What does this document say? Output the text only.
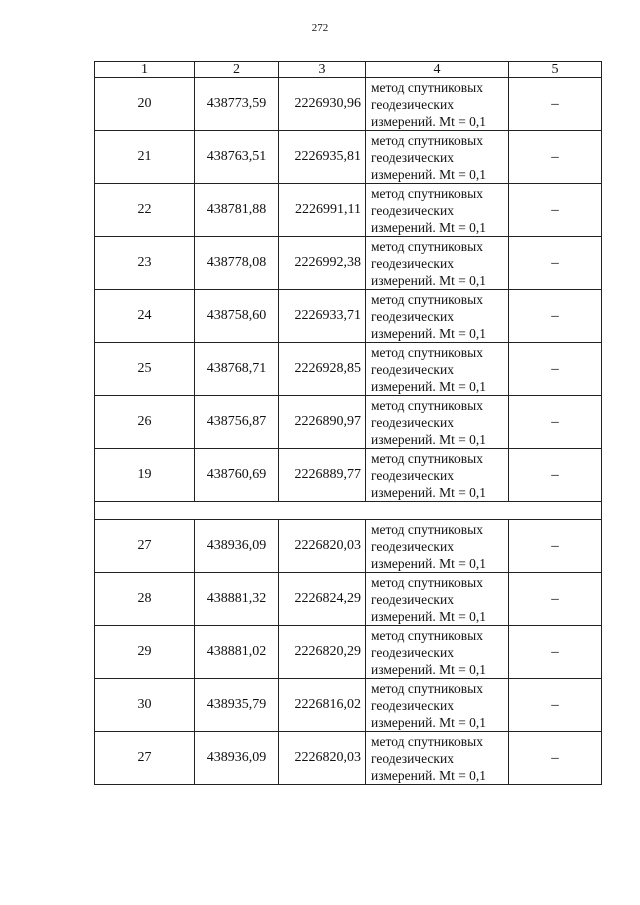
272
1	2	3	4	5
20	438773,59	2226930,96	метод спутниковых геодезических измерений. Mt = 0,1	–
21	438763,51	2226935,81	метод спутниковых геодезических измерений. Mt = 0,1	–
22	438781,88	2226991,11	метод спутниковых геодезических измерений. Mt = 0,1	–
23	438778,08	2226992,38	метод спутниковых геодезических измерений. Mt = 0,1	–
24	438758,60	2226933,71	метод спутниковых геодезических измерений. Mt = 0,1	–
25	438768,71	2226928,85	метод спутниковых геодезических измерений. Mt = 0,1	–
26	438756,87	2226890,97	метод спутниковых геодезических измерений. Mt = 0,1	–
19	438760,69	2226889,77	метод спутниковых геодезических измерений. Mt = 0,1	–

27	438936,09	2226820,03	метод спутниковых геодезических измерений. Mt = 0,1	–
28	438881,32	2226824,29	метод спутниковых геодезических измерений. Mt = 0,1	–
29	438881,02	2226820,29	метод спутниковых геодезических измерений. Mt = 0,1	–
30	438935,79	2226816,02	метод спутниковых геодезических измерений. Mt = 0,1	–
27	438936,09	2226820,03	метод спутниковых геодезических измерений. Mt = 0,1	–
